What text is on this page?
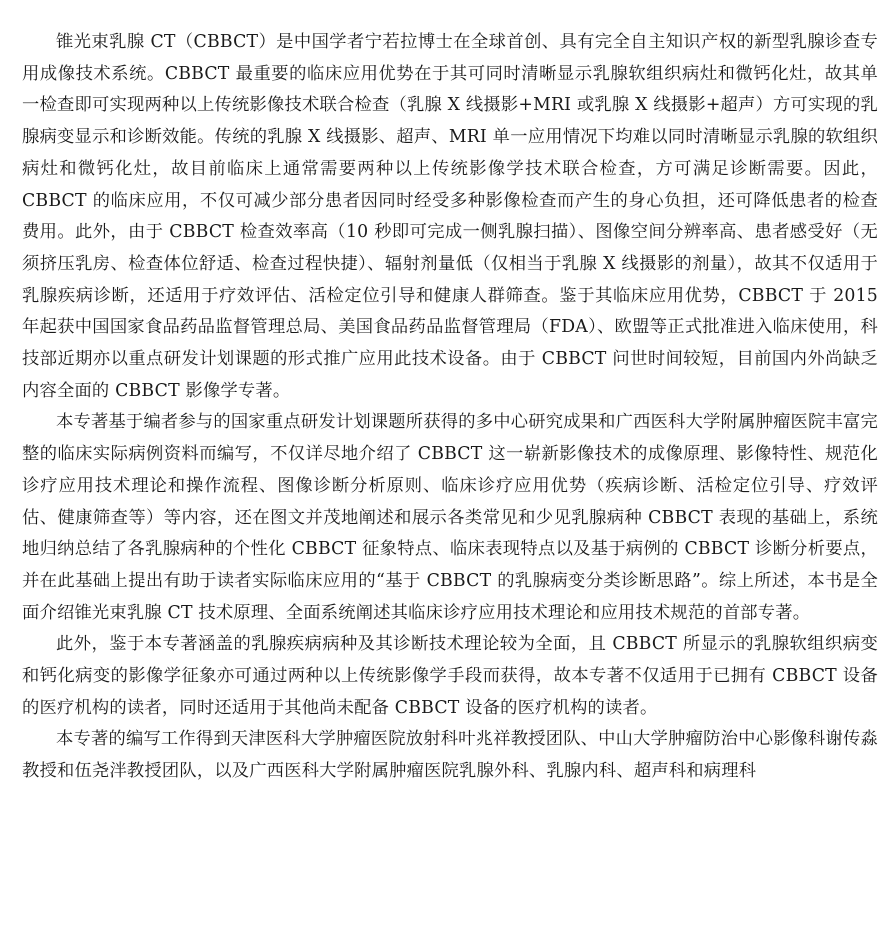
锥光束乳腺 CT（CBBCT）是中国学者宁若拉博士在全球首创、具有完全自主知识产权的新型乳腺诊查专用成像技术系统。CBBCT 最重要的临床应用优势在于其可同时清晰显示乳腺软组织病灶和微钙化灶，故其单一检查即可实现两种以上传统影像技术联合检查（乳腺 X 线摄影+MRI 或乳腺 X 线摄影+超声）方可实现的乳腺病变显示和诊断效能。传统的乳腺 X 线摄影、超声、MRI 单一应用情况下均难以同时清晰显示乳腺的软组织病灶和微钙化灶，故目前临床上通常需要两种以上传统影像学技术联合检查，方可满足诊断需要。因此，CBBCT 的临床应用，不仅可减少部分患者因同时经受多种影像检查而产生的身心负担，还可降低患者的检查费用。此外，由于 CBBCT 检查效率高（10 秒即可完成一侧乳腺扫描）、图像空间分辨率高、患者感受好（无须挤压乳房、检查体位舒适、检查过程快捷）、辐射剂量低（仅相当于乳腺 X 线摄影的剂量），故其不仅适用于乳腺疾病诊断，还适用于疗效评估、活检定位引导和健康人群筛查。鉴于其临床应用优势，CBBCT 于 2015 年起获中国国家食品药品监督管理总局、美国食品药品监督管理局（FDA）、欧盟等正式批准进入临床使用，科技部近期亦以重点研发计划课题的形式推广应用此技术设备。由于 CBBCT 问世时间较短，目前国内外尚缺乏内容全面的 CBBCT 影像学专著。

本专著基于编者参与的国家重点研发计划课题所获得的多中心研究成果和广西医科大学附属肿瘤医院丰富完整的临床实际病例资料而编写，不仅详尽地介绍了 CBBCT 这一崭新影像技术的成像原理、影像特性、规范化诊疗应用技术理论和操作流程、图像诊断分析原则、临床诊疗应用优势（疾病诊断、活检定位引导、疗效评估、健康筛查等）等内容，还在图文并茂地阐述和展示各类常见和少见乳腺病种 CBBCT 表现的基础上，系统地归纳总结了各乳腺病种的个性化 CBBCT 征象特点、临床表现特点以及基于病例的 CBBCT 诊断分析要点，并在此基础上提出有助于读者实际临床应用的“基于 CBBCT 的乳腺病变分类诊断思路”。综上所述，本书是全面介绍锥光束乳腺 CT 技术原理、全面系统阐述其临床诊疗应用技术理论和应用技术规范的首部专著。

此外，鉴于本专著涵盖的乳腺疾病病种及其诊断技术理论较为全面，且 CBBCT 所显示的乳腺软组织病变和钙化病变的影像学征象亦可通过两种以上传统影像学手段而获得，故本专著不仅适用于已拥有 CBBCT 设备的医疗机构的读者，同时还适用于其他尚未配备 CBBCT 设备的医疗机构的读者。

本专著的编写工作得到天津医科大学肿瘤医院放射科叶兆祥教授团队、中山大学肿瘤防治中心影像科谢传淼教授和伍尧泮教授团队，以及广西医科大学附属肿瘤医院乳腺外科、乳腺内科、超声科和病理科
